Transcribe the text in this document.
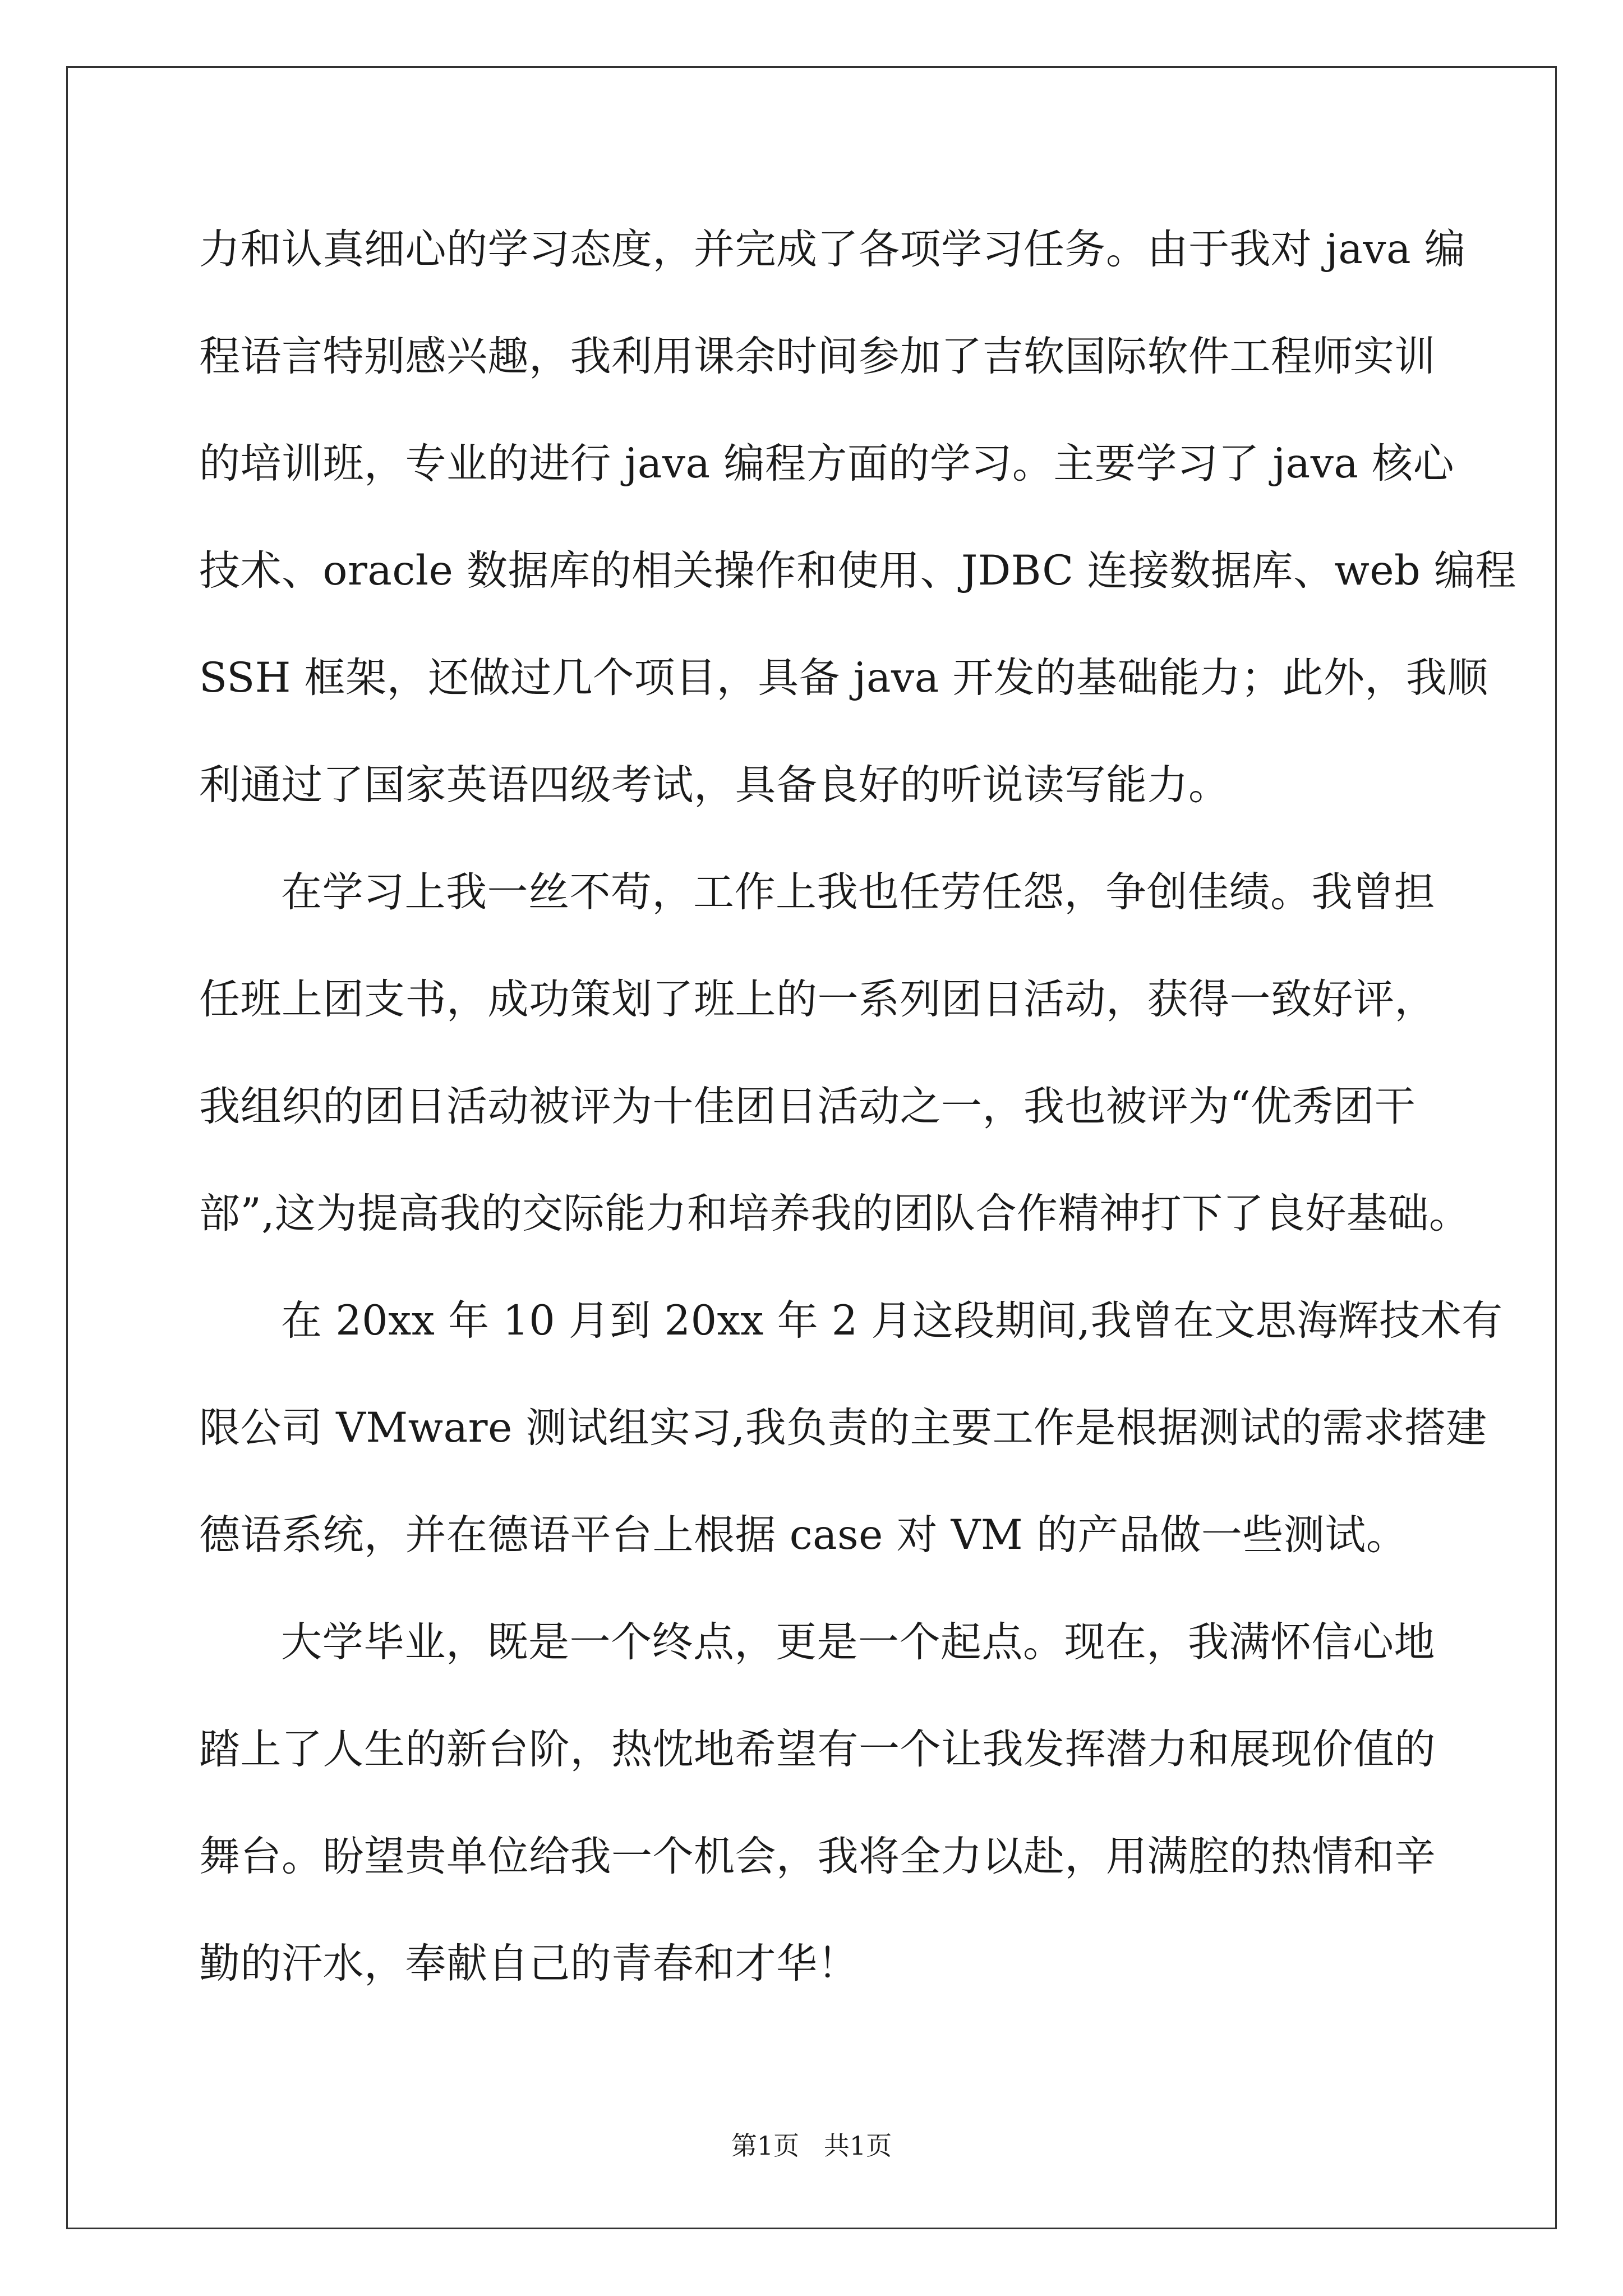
力和认真细心的学习态度，并完成了各项学习任务。由于我对 java 编
程语言特别感兴趣，我利用课余时间参加了吉软国际软件工程师实训
的培训班，专业的进行 java 编程方面的学习。主要学习了 java 核心
技术、oracle 数据库的相关操作和使用、JDBC 连接数据库、web 编程
SSH 框架，还做过几个项目，具备 java 开发的基础能力；此外，我顺
利通过了国家英语四级考试，具备良好的听说读写能力。
在学习上我一丝不苟，工作上我也任劳任怨，争创佳绩。我曾担
任班上团支书，成功策划了班上的一系列团日活动，获得一致好评，
我组织的团日活动被评为十佳团日活动之一，我也被评为“优秀团干
部”,这为提高我的交际能力和培养我的团队合作精神打下了良好基础。
在 20xx 年 10 月到 20xx 年 2 月这段期间,我曾在文思海辉技术有
限公司 VMware 测试组实习,我负责的主要工作是根据测试的需求搭建
德语系统，并在德语平台上根据 case 对 VM 的产品做一些测试。
大学毕业，既是一个终点，更是一个起点。现在，我满怀信心地
踏上了人生的新台阶，热忱地希望有一个让我发挥潜力和展现价值的
舞台。盼望贵单位给我一个机会，我将全力以赴，用满腔的热情和辛
勤的汗水，奉献自己的青春和才华！
第1页   共1页
